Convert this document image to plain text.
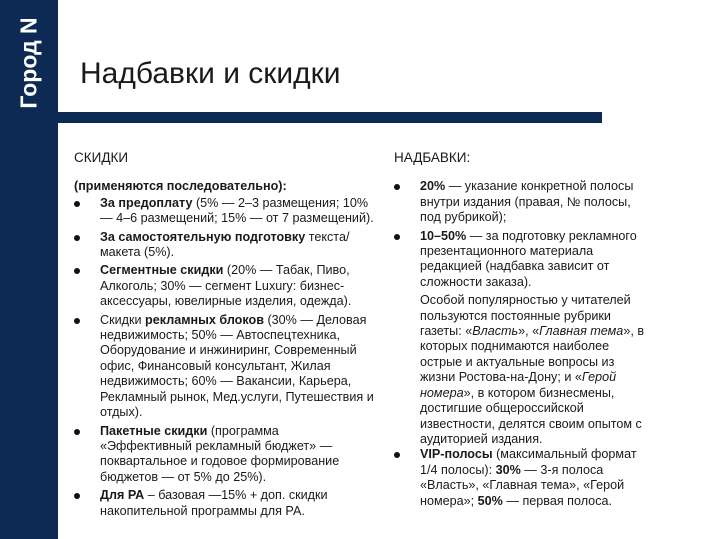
Город N Надбавки и скидки
СКИДКИ
(применяются последовательно):
За предоплату (5% — 2–3 размещения; 10% — 4–6 размещений; 15% — от 7 размещений).
За самостоятельную подготовку текста/ макета (5%).
Сегментные скидки (20% — Табак, Пиво, Алкоголь; 30% — сегмент Luxury: бизнес-аксессуары, ювелирные изделия, одежда).
Скидки рекламных блоков (30% — Деловая недвижимость; 50% — Автоспецтехника, Оборудование и инжиниринг, Современный офис, Финансовый консультант, Жилая недвижимость; 60% — Вакансии, Карьера, Рекламный рынок, Мед.услуги, Путешествия и отдых).
Пакетные скидки (программа «Эффективный рекламный бюджет» — поквартальное и годовое формирование бюджетов — от 5% до 25%).
Для РА – базовая —15% + доп. скидки накопительной программы для РА.
НАДБАВКИ:
20% — указание конкретной полосы внутри издания (правая, № полосы, под рубрикой);
10–50% — за подготовку рекламного презентационного материала редакцией (надбавка зависит от сложности заказа).
Особой популярностью у читателей пользуются постоянные рубрики газеты: «Власть», «Главная тема», в которых поднимаются наиболее острые и актуальные вопросы из жизни Ростова-на-Дону; и «Герой номера», в котором бизнесмены, достигшие общероссийской известности, делятся своим опытом с аудиторией издания.
VIP-полосы (максимальный формат 1/4 полосы): 30% — 3-я полоса «Власть», «Главная тема», «Герой номера»; 50% — первая полоса.
